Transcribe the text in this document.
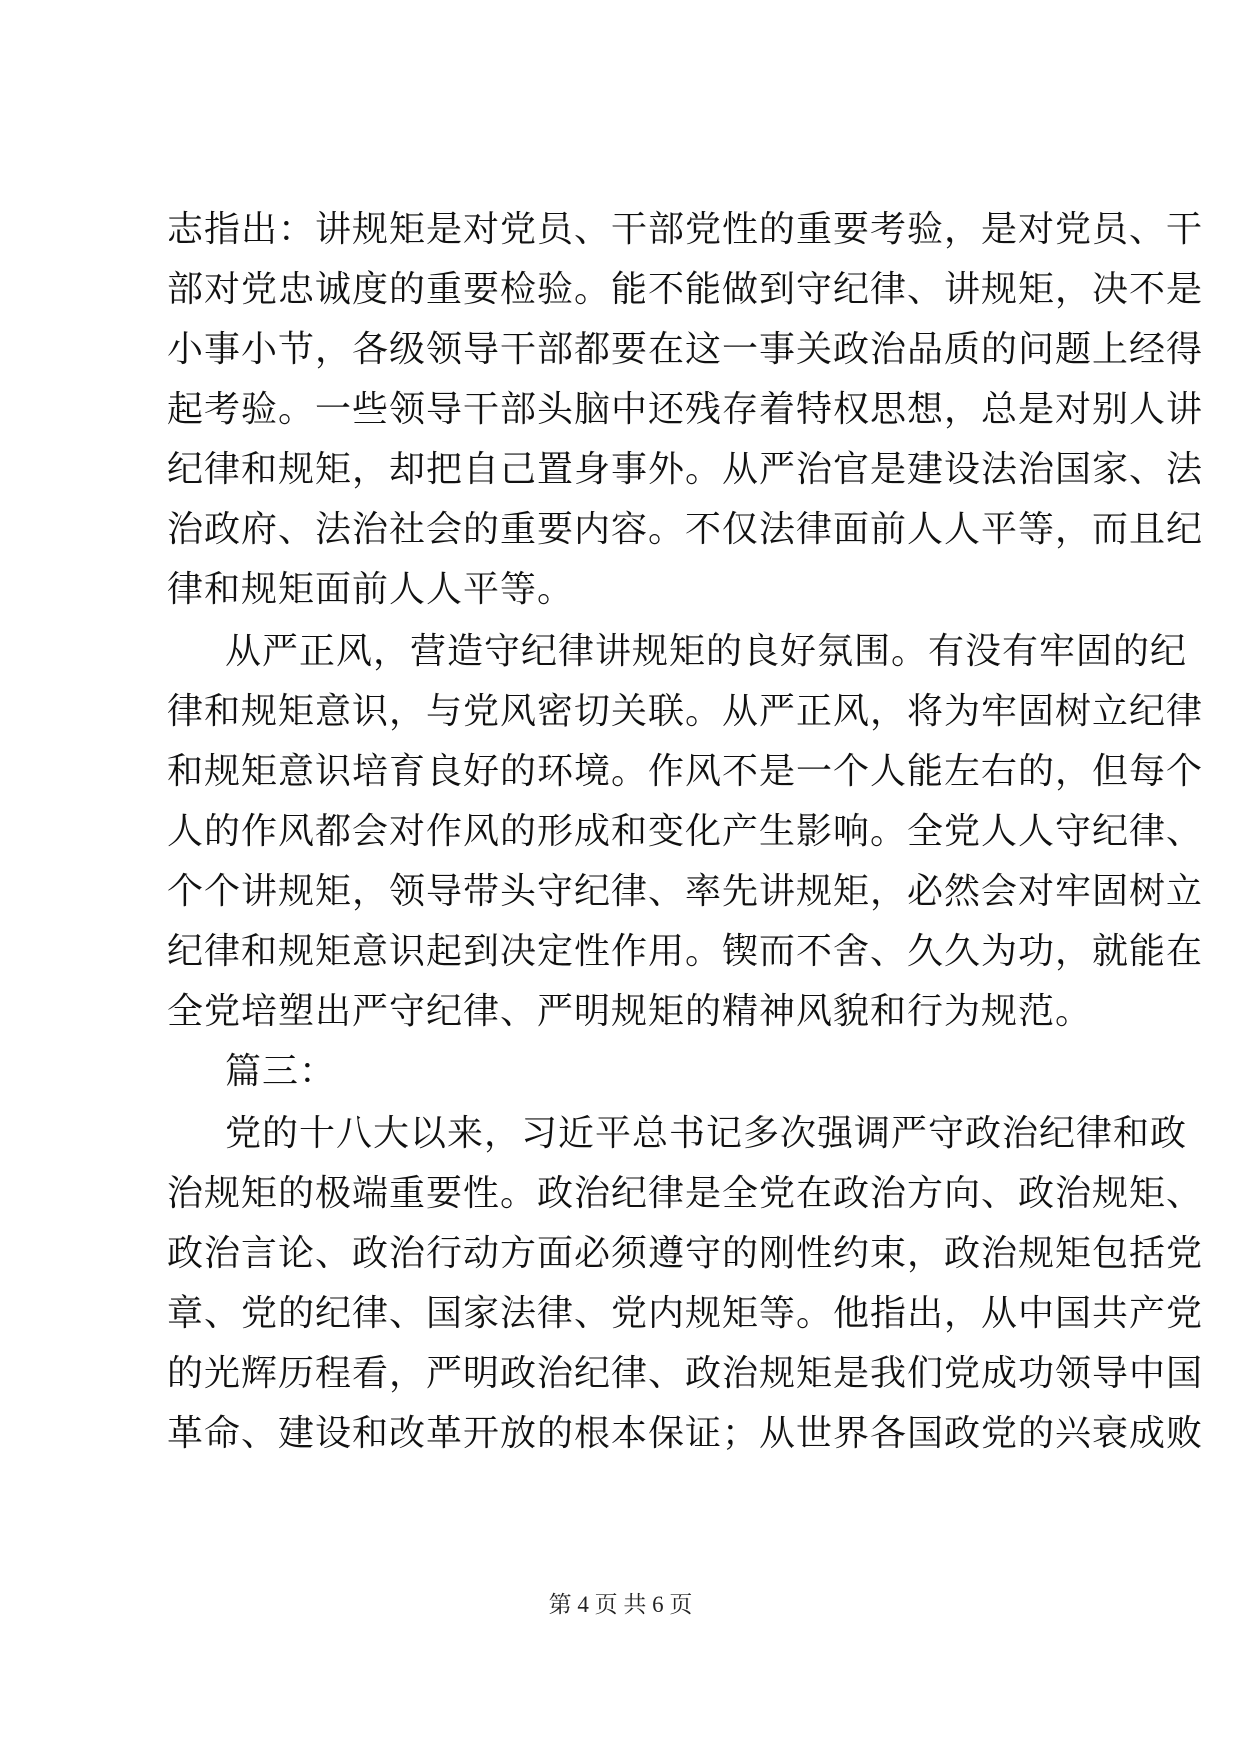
志指出：讲规矩是对党员、干部党性的重要考验，是对党员、干
部对党忠诚度的重要检验。能不能做到守纪律、讲规矩，决不是
小事小节，各级领导干部都要在这一事关政治品质的问题上经得
起考验。一些领导干部头脑中还残存着特权思想，总是对别人讲
纪律和规矩，却把自己置身事外。从严治官是建设法治国家、法
治政府、法治社会的重要内容。不仅法律面前人人平等，而且纪
律和规矩面前人人平等。
从严正风，营造守纪律讲规矩的良好氛围。有没有牢固的纪
律和规矩意识，与党风密切关联。从严正风，将为牢固树立纪律
和规矩意识培育良好的环境。作风不是一个人能左右的，但每个
人的作风都会对作风的形成和变化产生影响。全党人人守纪律、
个个讲规矩，领导带头守纪律、率先讲规矩，必然会对牢固树立
纪律和规矩意识起到决定性作用。锲而不舍、久久为功，就能在
全党培塑出严守纪律、严明规矩的精神风貌和行为规范。
篇三：
党的十八大以来，习近平总书记多次强调严守政治纪律和政
治规矩的极端重要性。政治纪律是全党在政治方向、政治规矩、
政治言论、政治行动方面必须遵守的刚性约束，政治规矩包括党
章、党的纪律、国家法律、党内规矩等。他指出，从中国共产党
的光辉历程看，严明政治纪律、政治规矩是我们党成功领导中国
革命、建设和改革开放的根本保证；从世界各国政党的兴衰成败
第 4 页 共 6 页
